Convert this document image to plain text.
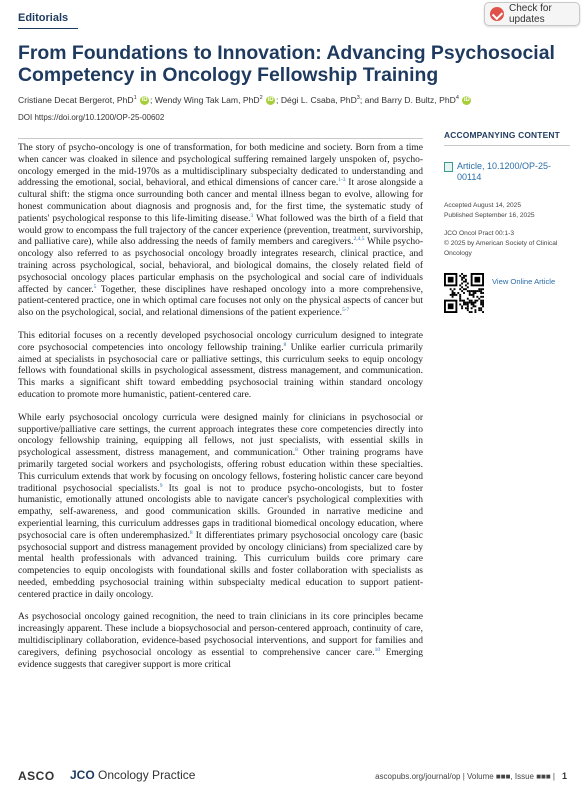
Editorials
Check for updates
From Foundations to Innovation: Advancing Psychosocial Competency in Oncology Fellowship Training
Cristiane Decat Bergerot, PhD$^1$ iD ; Wendy Wing Tak Lam, PhD$^2$ iD ; Dégi L. Csaba, PhD$^3$; and Barry D. Bultz, PhD$^4$ iD
DOI https://doi.org/10.1200/OP-25-00602

The story of psycho-oncology is one of transformation, for both medicine and society. Born from a time when cancer was cloaked in silence and psychological suffering remained largely unspoken of, psycho-oncology emerged in the mid-1970s as a multidisciplinary subspecialty dedicated to understanding and addressing the emotional, social, behavioral, and ethical dimensions of cancer care.$^{1-3}$ It arose alongside a cultural shift: the stigma once surrounding both cancer and mental illness began to evolve, allowing for honest communication about diagnosis and prognosis and, for the first time, the systematic study of patients' psychological response to this life-limiting disease.$^3$ What followed was the birth of a field that would grow to encompass the full trajectory of the cancer experience (prevention, treatment, survivorship, and palliative care), while also addressing the needs of family members and caregivers.$^{2,4,5}$ While psycho-oncology also referred to as psychosocial oncology broadly integrates research, clinical practice, and training across psychological, social, behavioral, and biological domains, the closely related field of psychosocial oncology places particular emphasis on the psychological and social care of individuals affected by cancer.$^5$ Together, these disciplines have reshaped oncology into a more comprehensive, patient-centered practice, one in which optimal care focuses not only on the physical aspects of cancer but also on the psychological, social, and relational dimensions of the patient experience.$^{5-7}$

This editorial focuses on a recently developed psychosocial oncology curriculum designed to integrate core psychosocial competencies into oncology fellowship training.$^8$ Unlike earlier curricula primarily aimed at specialists in psychosocial care or palliative settings, this curriculum seeks to equip oncology fellows with foundational skills in psychological assessment, distress management, and communication. This marks a significant shift toward embedding psychosocial training within standard oncology education to promote more humanistic, patient-centered care.

While early psychosocial oncology curricula were designed mainly for clinicians in psychosocial or supportive/palliative care settings, the current approach integrates these core competencies directly into oncology fellowship training, equipping all fellows, not just specialists, with essential skills in psychological assessment, distress management, and communication.$^8$ Other training programs have primarily targeted social workers and psychologists, offering robust education within these specialties. This curriculum extends that work by focusing on oncology fellows, fostering holistic cancer care beyond traditional psychosocial specialists.$^9$ Its goal is not to produce psycho-oncologists, but to foster humanistic, emotionally attuned oncologists able to navigate cancer's psychological complexities with empathy, self-awareness, and good communication skills. Grounded in narrative medicine and experiential learning, this curriculum addresses gaps in traditional biomedical oncology education, where psychosocial care is often underemphasized.$^8$ It differentiates primary psychosocial oncology care (basic psychosocial support and distress management provided by oncology clinicians) from specialized care by mental health professionals with advanced training. This curriculum builds core primary care competencies to equip oncologists with foundational skills and foster collaboration with specialists as needed, embedding psychosocial training within subspecialty medical education to support patient-centered practice in daily oncology.

As psychosocial oncology gained recognition, the need to train clinicians in its core principles became increasingly apparent. These include a biopsychosocial and person-centered approach, continuity of care, multidisciplinary collaboration, evidence-based psychosocial interventions, and support for families and caregivers, defining psychosocial oncology as essential to comprehensive cancer care.$^{10}$ Emerging evidence suggests that caregiver support is more critical

ACCOMPANYING CONTENT
Article, 10.1200/OP-25-00114
Accepted August 14, 2025
Published September 16, 2025
JCO Oncol Pract 00:1-3
© 2025 by American Society of Clinical Oncology
View Online Article
ASCO JCO Oncology Practice	ascopubs.org/journal/op | Volume ■■■, Issue ■■■ | 1
